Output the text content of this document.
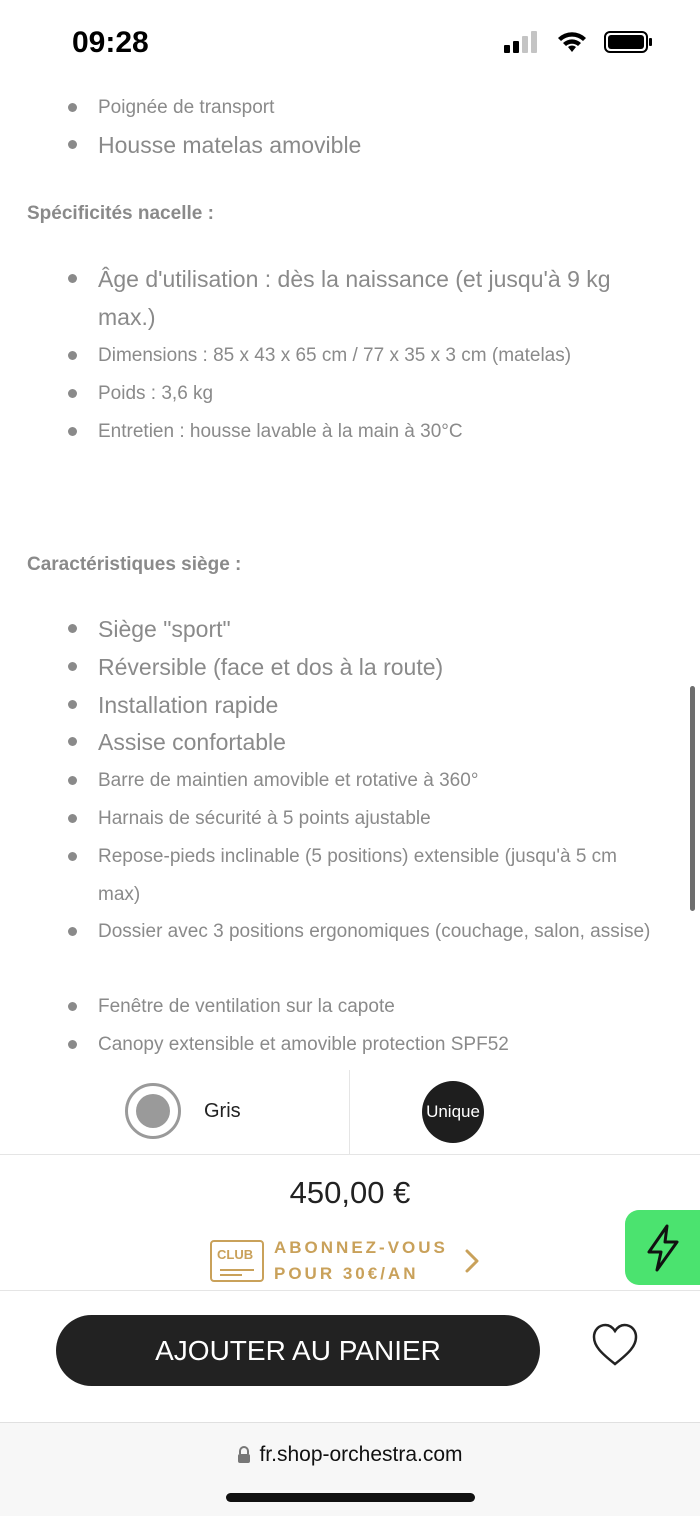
09:28
Poignée de transport
Housse matelas amovible
Spécificités nacelle :
Âge d'utilisation : dès la naissance (et jusqu'à 9 kg max.)
Dimensions : 85 x 43 x 65 cm / 77 x 35 x 3 cm (matelas)
Poids : 3,6 kg
Entretien : housse lavable à la main à 30°C
Caractéristiques siège :
Siège "sport"
Réversible (face et dos à la route)
Installation rapide
Assise confortable
Barre de maintien amovible et rotative à 360°
Harnais de sécurité à 5 points ajustable
Repose-pieds inclinable (5 positions) extensible (jusqu'à 5 cm max)
Dossier avec 3 positions ergonomiques (couchage, salon, assise)
Fenêtre de ventilation sur la capote
Canopy extensible et amovible protection SPF52
Gris	Unique
450,00 €
CLUB ABONNEZ-VOUS
POUR 30€/AN
AJOUTER AU PANIER
fr.shop-orchestra.com
